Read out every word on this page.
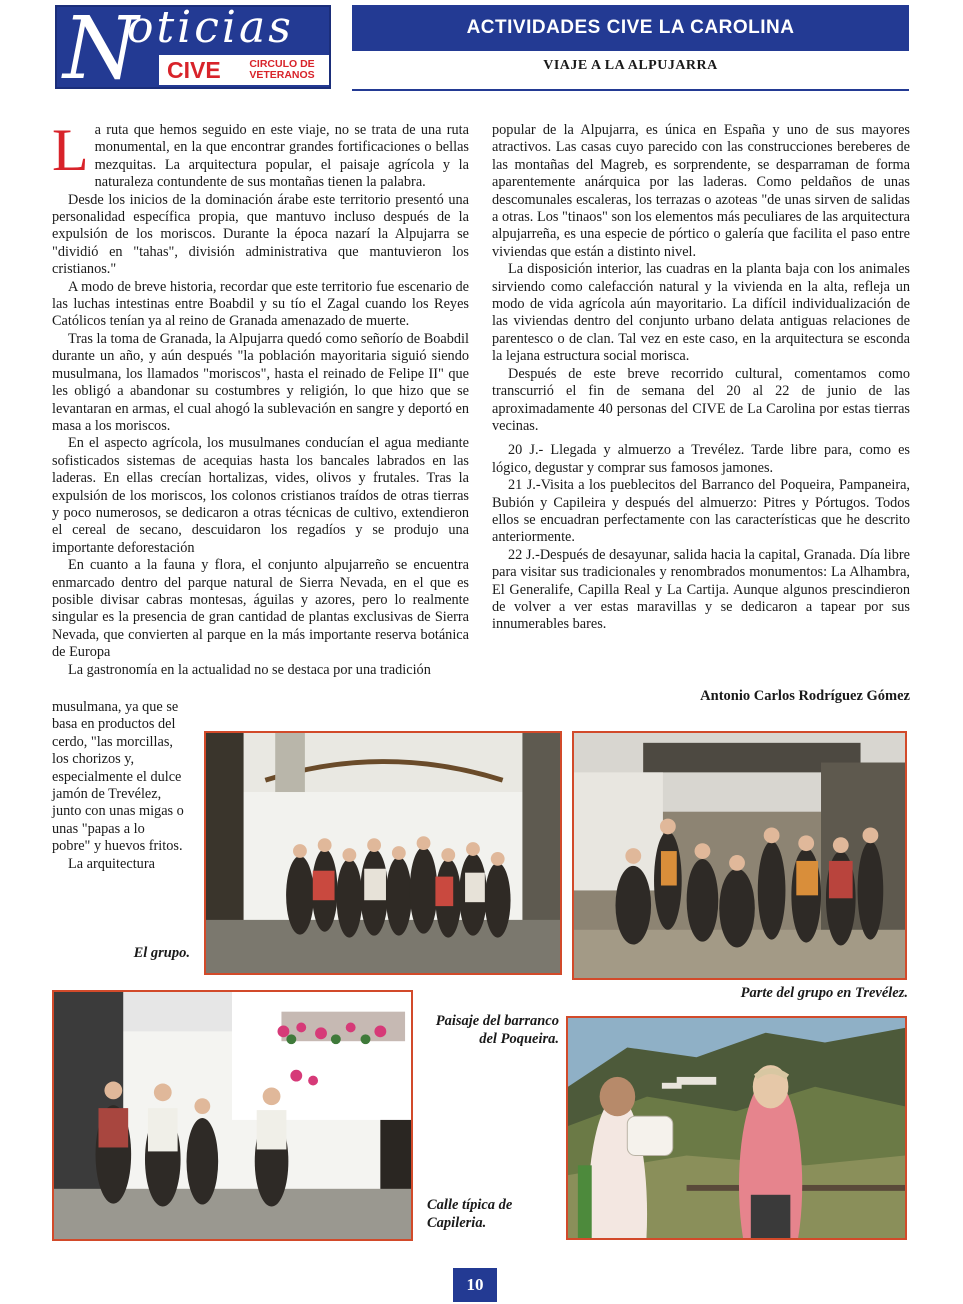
N
oticias
CIVE	CIRCULO DE
VETERANOS
ACTIVIDADES CIVE LA CAROLINA
VIAJE A LA ALPUJARRA
L a ruta que hemos seguido en este viaje, no se trata de una ruta monumental, en la que encontrar grandes fortificaciones o bellas mezquitas. La arquitectura popular, el paisaje agrícola y la naturaleza contundente de sus montañas tienen la palabra.

Desde los inicios de la dominación árabe este territorio presentó una personalidad específica propia, que mantuvo incluso después de la expulsión de los moriscos. Durante la época nazarí la Alpujarra se "dividió en "tahas", división administrativa que mantuvieron los cristianos."

A modo de breve historia, recordar que este territorio fue escenario de las luchas intestinas entre Boabdil y su tío el Zagal cuando los Reyes Católicos tenían ya al reino de Granada amenazado de muerte.

Tras la toma de Granada, la Alpujarra quedó como señorío de Boabdil durante un año, y aún después "la población mayoritaria siguió siendo musulmana, los llamados "moriscos", hasta el reinado de Felipe II" que les obligó a abandonar su costumbres y religión, lo que hizo que se levantaran en armas, el cual ahogó la sublevación en sangre y deportó en masa a los moriscos.

En el aspecto agrícola, los musulmanes conducían el agua mediante sofisticados sistemas de acequias hasta los bancales labrados en las laderas. En ellas crecían hortalizas, vides, olivos y frutales. Tras la expulsión de los moriscos, los colonos cristianos traídos de otras tierras y poco numerosos, se dedicaron a otras técnicas de cultivo, extendieron el cereal de secano, descuidaron los regadíos y se produjo una importante deforestación

En cuanto a la fauna y flora, el conjunto alpujarreño se encuentra enmarcado dentro del parque natural de Sierra Nevada, en el que es posible divisar cabras montesas, águilas y azores, pero lo realmente singular es la presencia de gran cantidad de plantas exclusivas de Sierra Nevada, que convierten al parque en la más importante reserva botánica de Europa

La gastronomía en la actualidad no se destaca por una tradición

musulmana, ya que se basa en productos del cerdo, "las morcillas, los chorizos y, especialmente el dulce jamón de Trevélez, junto con unas migas o unas "papas a lo pobre" y huevos fritos.

La arquitectura

popular de la Alpujarra, es única en España y uno de sus mayores atractivos. Las casas cuyo parecido con las construcciones bereberes de las montañas del Magreb, es sorprendente, se desparraman de forma aparentemente anárquica por las laderas. Como peldaños de unas descomunales escaleras, los terrazas o azoteas "de unas sirven de salidas a otras. Los "tinaos" son los elementos más peculiares de las arquitectura alpujarreña, es una especie de pórtico o galería que facilita el paso entre viviendas que están a distinto nivel.

La disposición interior, las cuadras en la planta baja con los animales sirviendo como calefacción natural y la vivienda en la alta, refleja un modo de vida agrícola aún mayoritario. La difícil individualización de las viviendas dentro del conjunto urbano delata antiguas relaciones de parentesco o de clan. Tal vez en este caso, en la arquitectura se esconda la lejana estructura social morisca.

Después de este breve recorrido cultural, comentamos como transcurrió el fin de semana del 20 al 22 de junio de las aproximadamente 40 personas del CIVE de La Carolina por estas tierras vecinas.

20 J.- Llegada y almuerzo a Trevélez. Tarde libre para, como es lógico, degustar y comprar sus famosos jamones.

21 J.-Visita a los pueblecitos del Barranco del Poqueira, Pampaneira, Bubión y Capileira y después del almuerzo: Pitres y Pórtugos. Todos ellos se encuadran perfectamente con las características que he descrito anteriormente.

22 J.-Después de desayunar, salida hacia la capital, Granada. Día libre para visitar sus tradicionales y renombrados monumentos: La Alhambra, El Generalife, Capilla Real y La Cartija. Aunque algunos prescindieron de volver a ver estas maravillas y se dedicaron a tapear por sus innumerables bares.

Antonio Carlos Rodríguez Gómez
El grupo.
Parte del grupo en Trevélez.
Calle típica de Capileria.
Paisaje del barranco del Poqueira.
10
